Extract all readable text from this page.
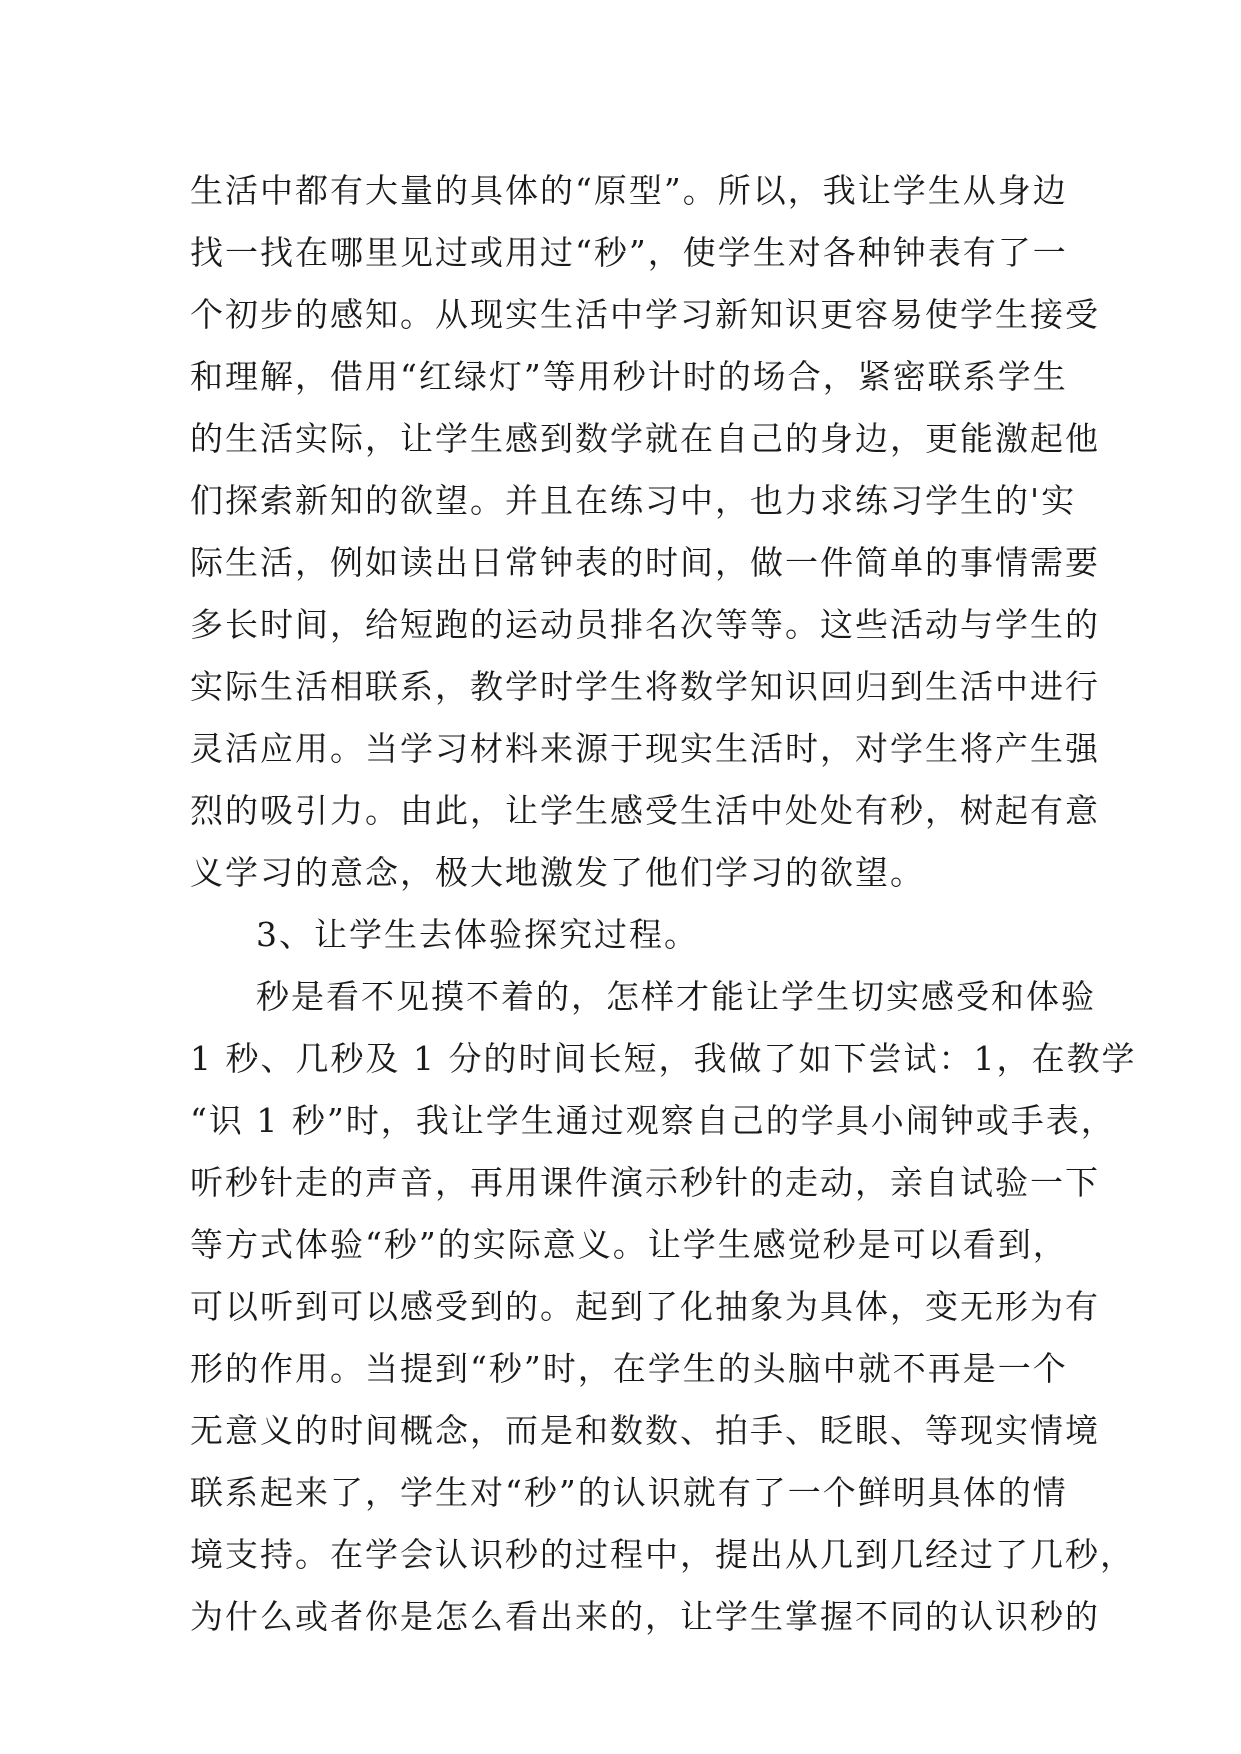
生活中都有大量的具体的“原型”。所以，我让学生从身边
找一找在哪里见过或用过“秒”，使学生对各种钟表有了一
个初步的感知。从现实生活中学习新知识更容易使学生接受
和理解，借用“红绿灯”等用秒计时的场合，紧密联系学生
的生活实际，让学生感到数学就在自己的身边，更能激起他
们探索新知的欲望。并且在练习中，也力求练习学生的'实
际生活，例如读出日常钟表的时间，做一件简单的事情需要
多长时间，给短跑的运动员排名次等等。这些活动与学生的
实际生活相联系，教学时学生将数学知识回归到生活中进行
灵活应用。当学习材料来源于现实生活时，对学生将产生强
烈的吸引力。由此，让学生感受生活中处处有秒，树起有意
义学习的意念，极大地激发了他们学习的欲望。
3、让学生去体验探究过程。
秒是看不见摸不着的，怎样才能让学生切实感受和体验
1 秒、几秒及 1 分的时间长短，我做了如下尝试：1，在教学
“识 1 秒”时，我让学生通过观察自己的学具小闹钟或手表，
听秒针走的声音，再用课件演示秒针的走动，亲自试验一下
等方式体验“秒”的实际意义。让学生感觉秒是可以看到，
可以听到可以感受到的。起到了化抽象为具体，变无形为有
形的作用。当提到“秒”时，在学生的头脑中就不再是一个
无意义的时间概念，而是和数数、拍手、眨眼、等现实情境
联系起来了，学生对“秒”的认识就有了一个鲜明具体的情
境支持。在学会认识秒的过程中，提出从几到几经过了几秒，
为什么或者你是怎么看出来的，让学生掌握不同的认识秒的
